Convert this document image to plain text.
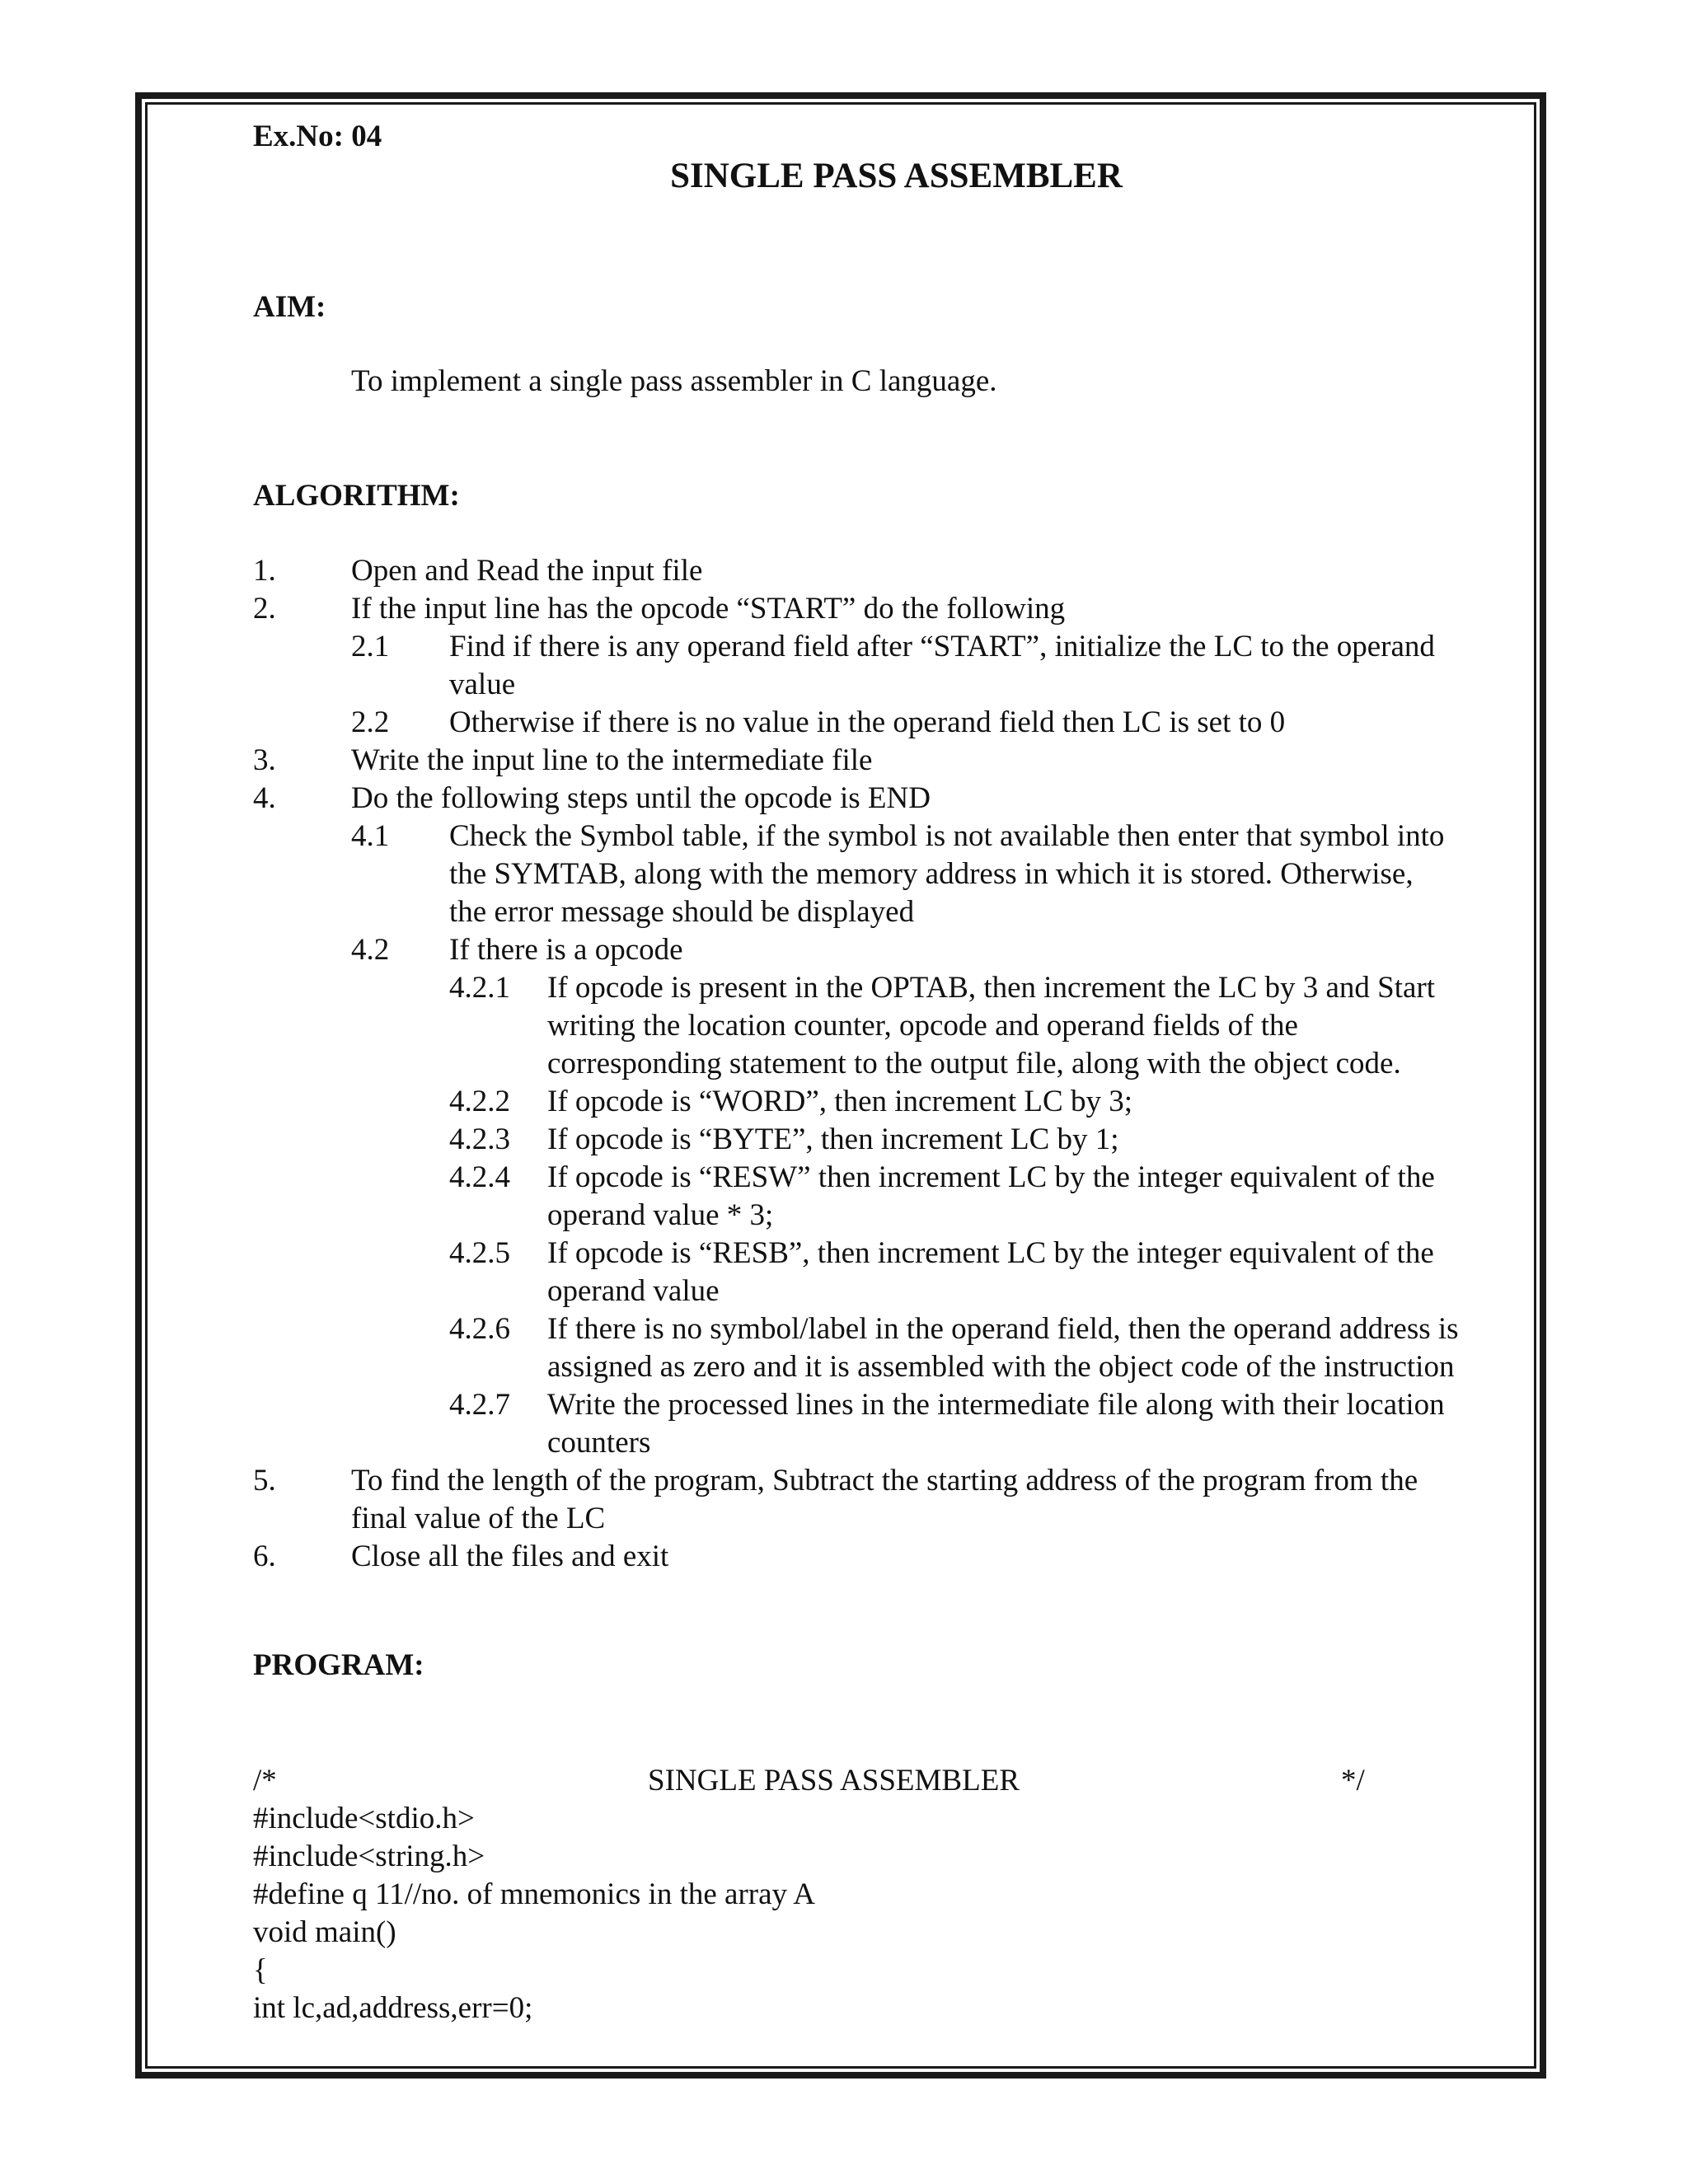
Ex.No: 04
SINGLE PASS ASSEMBLER
AIM:
To implement a single pass assembler in C language.
ALGORITHM:
1. Open and Read the input file
2. If the input line has the opcode “START” do the following
2.1 Find if there is any operand field after “START”, initialize the LC to the operand
value
2.2 Otherwise if there is no value in the operand field then LC is set to 0
3. Write the input line to the intermediate file
4. Do the following steps until the opcode is END
4.1 Check the Symbol table, if the symbol is not available then enter that symbol into
the SYMTAB, along with the memory address in which it is stored. Otherwise,
the error message should be displayed
4.2 If there is a opcode
4.2.1 If opcode is present in the OPTAB, then increment the LC by 3 and Start
writing the location counter, opcode and operand fields of the
corresponding statement to the output file, along with the object code.
4.2.2 If opcode is “WORD”, then increment LC by 3;
4.2.3 If opcode is “BYTE”, then increment LC by 1;
4.2.4 If opcode is “RESW” then increment LC by the integer equivalent of the
operand value * 3;
4.2.5 If opcode is “RESB”, then increment LC by the integer equivalent of the
operand value
4.2.6 If there is no symbol/label in the operand field, then the operand address is
assigned as zero and it is assembled with the object code of the instruction
4.2.7 Write the processed lines in the intermediate file along with their location
counters
5. To find the length of the program, Subtract the starting address of the program from the
final value of the LC
6. Close all the files and exit
PROGRAM:
/*
#include<stdio.h>
#include<string.h>
#define q 11//no. of mnemonics in the array A
void main()
{
int lc,ad,address,err=0;
SINGLE PASS ASSEMBLER	*/
